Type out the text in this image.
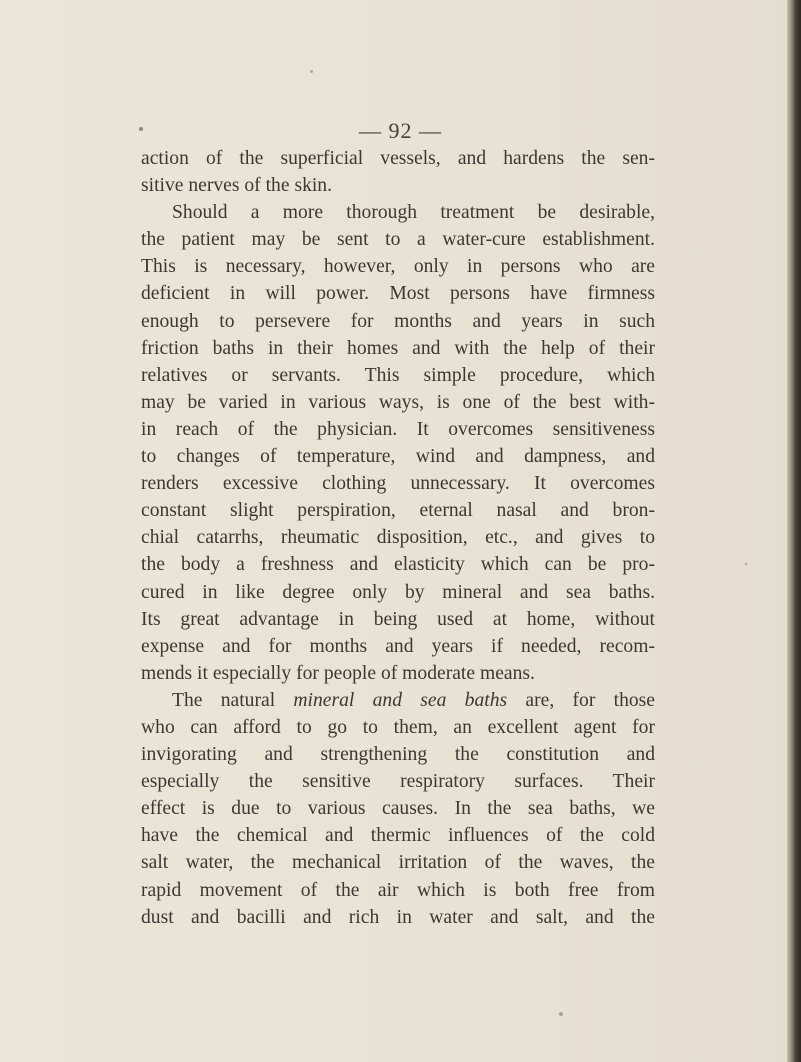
— 92 —
action of the superficial vessels, and hardens the sen-
sitive nerves of the skin.
Should a more thorough treatment be desirable,
the patient may be sent to a water-cure establishment.
This is necessary, however, only in persons who are
deficient in will power. Most persons have firmness
enough to persevere for months and years in such
friction baths in their homes and with the help of their
relatives or servants. This simple procedure, which
may be varied in various ways, is one of the best with-
in reach of the physician. It overcomes sensitiveness
to changes of temperature, wind and dampness, and
renders excessive clothing unnecessary. It overcomes
constant slight perspiration, eternal nasal and bron-
chial catarrhs, rheumatic disposition, etc., and gives to
the body a freshness and elasticity which can be pro-
cured in like degree only by mineral and sea baths.
Its great advantage in being used at home, without
expense and for months and years if needed, recom-
mends it especially for people of moderate means.
The natural mineral and sea baths are, for those
who can afford to go to them, an excellent agent for
invigorating and strengthening the constitution and
especially the sensitive respiratory surfaces. Their
effect is due to various causes. In the sea baths, we
have the chemical and thermic influences of the cold
salt water, the mechanical irritation of the waves, the
rapid movement of the air which is both free from
dust and bacilli and rich in water and salt, and the
